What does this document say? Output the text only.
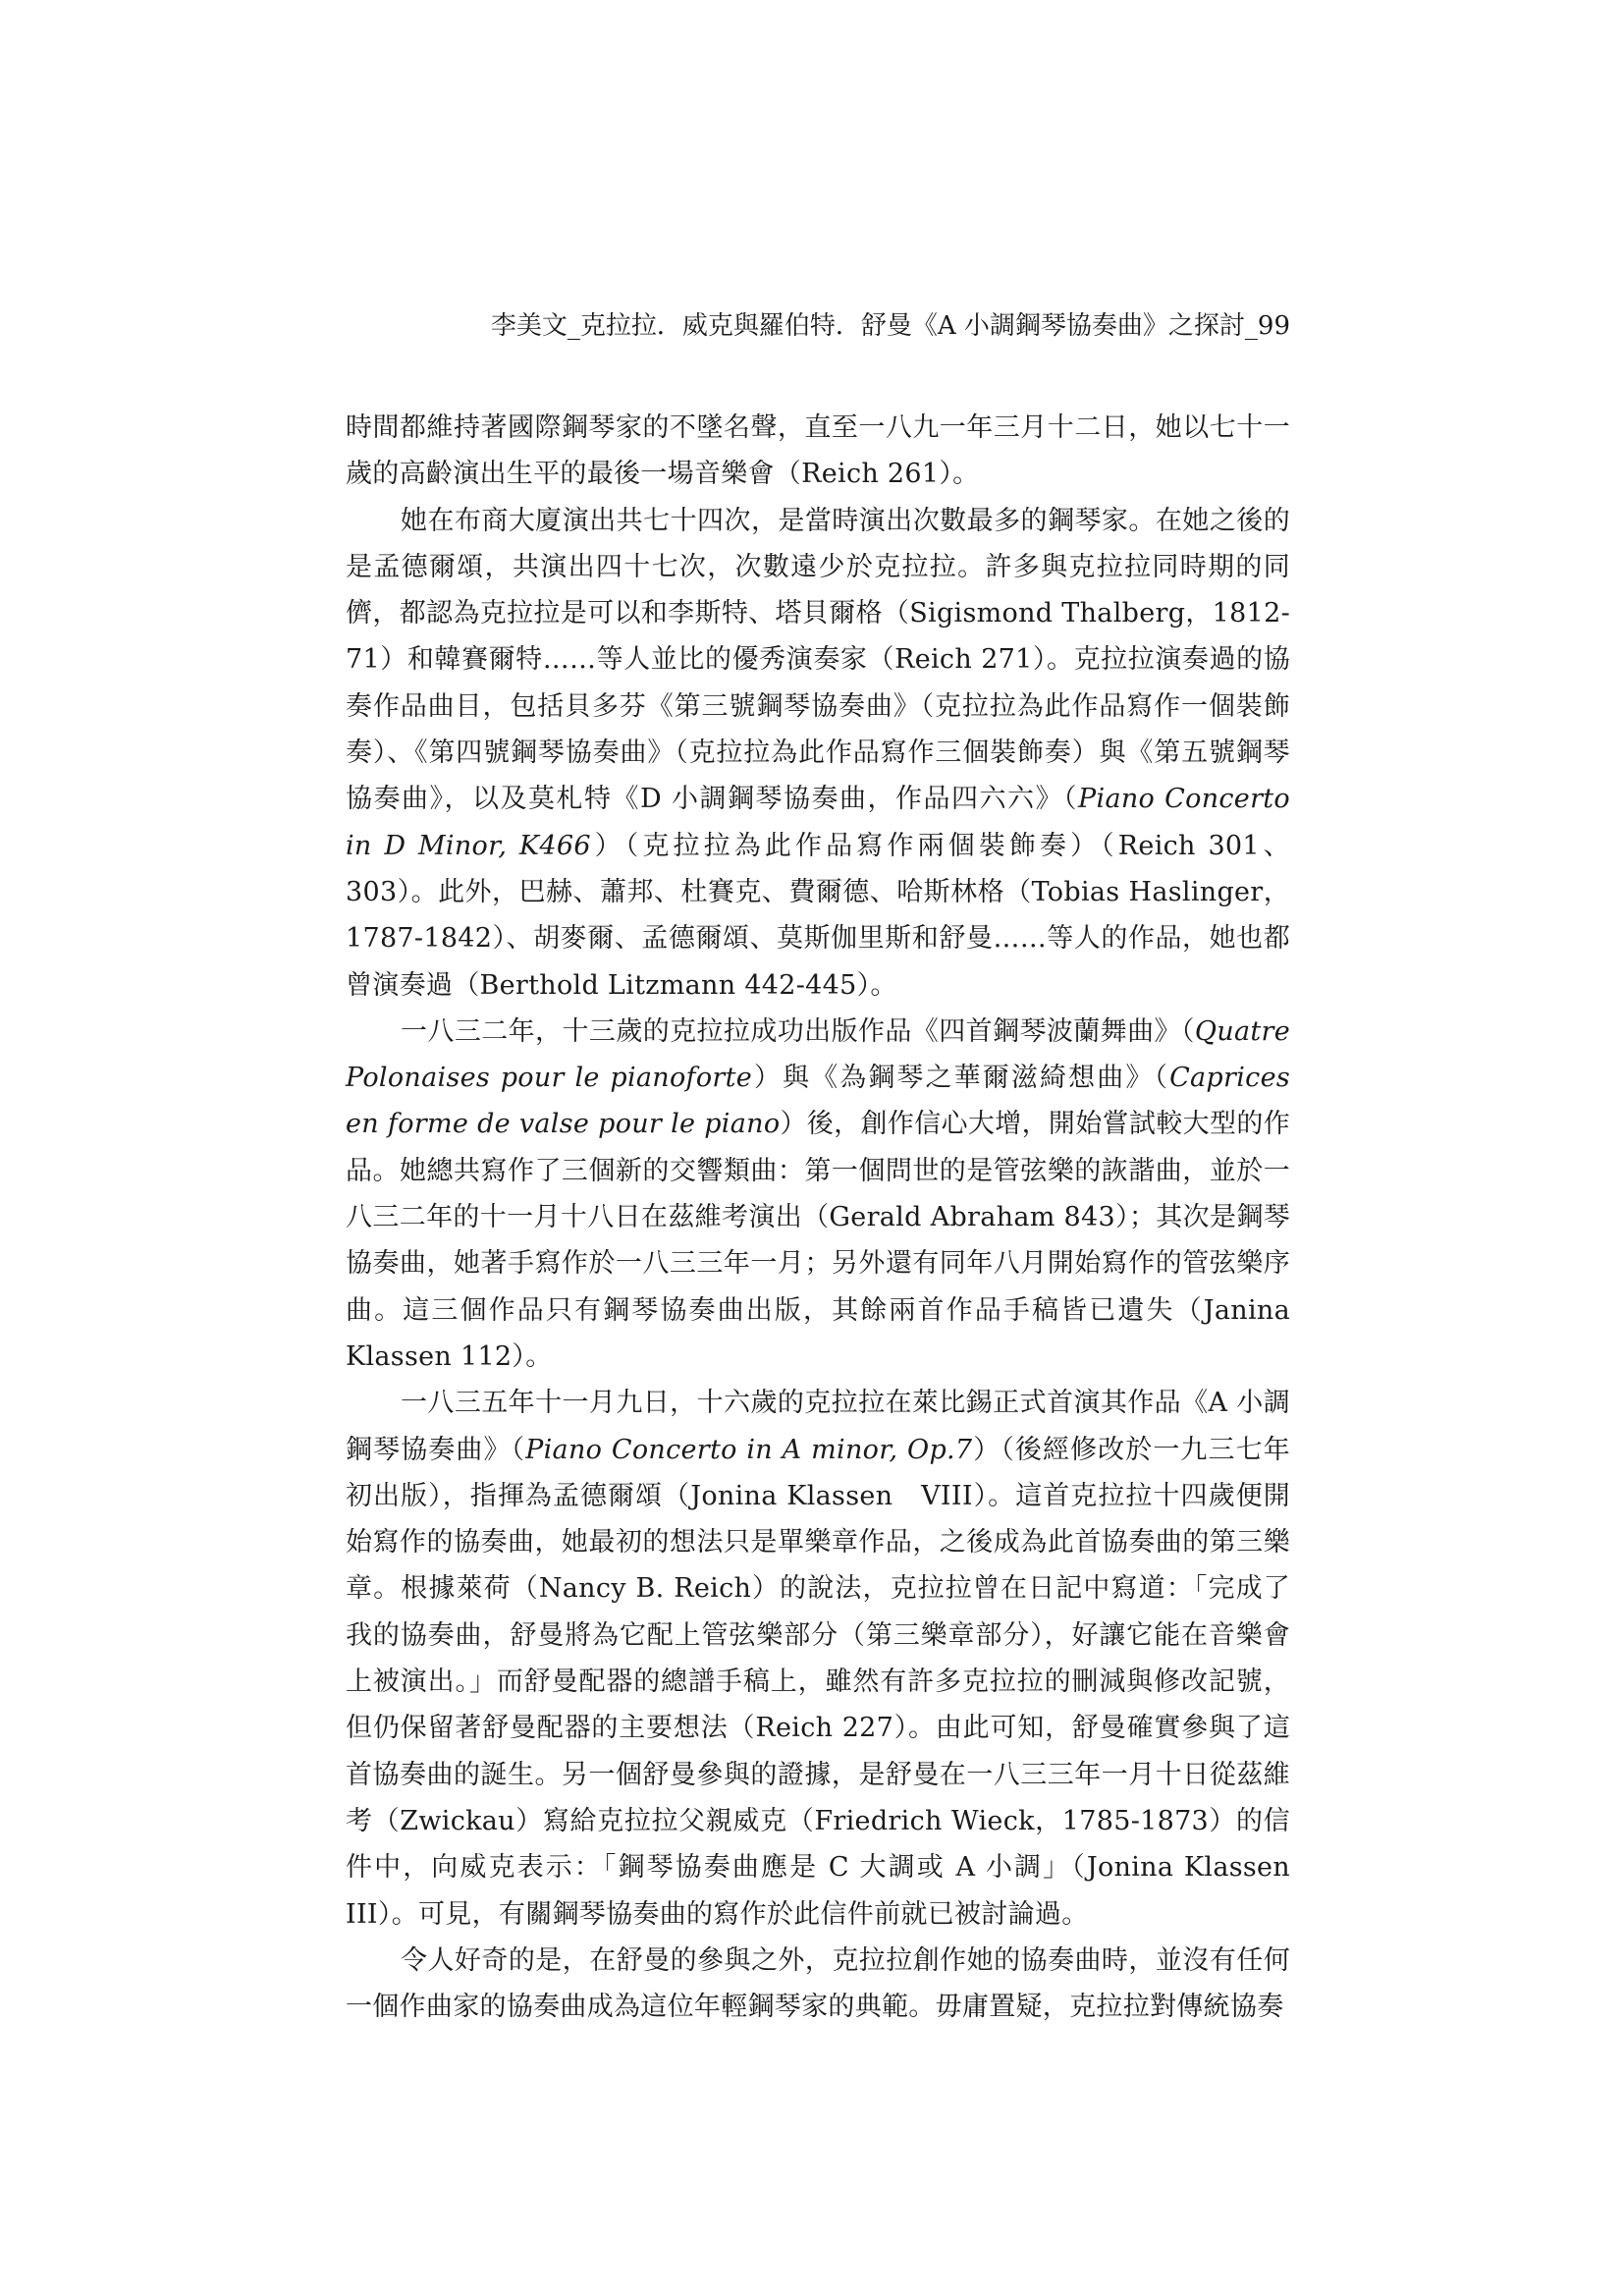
李美文_克拉拉．威克與羅伯特．舒曼《A 小調鋼琴協奏曲》之探討_99

時間都維持著國際鋼琴家的不墜名聲，直至一八九一年三月十二日，她以七十一歲的高齡演出生平的最後一場音樂會（Reich 261）。

她在布商大廈演出共七十四次，是當時演出次數最多的鋼琴家。在她之後的是孟德爾頌，共演出四十七次，次數遠少於克拉拉。許多與克拉拉同時期的同儕，都認為克拉拉是可以和李斯特、塔貝爾格（Sigismond Thalberg，1812-71）和韓賽爾特……等人並比的優秀演奏家（Reich 271）。克拉拉演奏過的協奏作品曲目，包括貝多芬《第三號鋼琴協奏曲》（克拉拉為此作品寫作一個裝飾奏）、《第四號鋼琴協奏曲》（克拉拉為此作品寫作三個裝飾奏）與《第五號鋼琴協奏曲》，以及莫札特《D 小調鋼琴協奏曲，作品四六六》（Piano Concerto in D Minor, K466）（克拉拉為此作品寫作兩個裝飾奏）（Reich 301、303）。此外，巴赫、蕭邦、杜賽克、費爾德、哈斯林格（Tobias Haslinger，1787-1842）、胡麥爾、孟德爾頌、莫斯伽里斯和舒曼……等人的作品，她也都曾演奏過（Berthold Litzmann 442-445）。

一八三二年，十三歲的克拉拉成功出版作品《四首鋼琴波蘭舞曲》（Quatre Polonaises pour le pianoforte）與《為鋼琴之華爾滋綺想曲》（Caprices en forme de valse pour le piano）後，創作信心大增，開始嘗試較大型的作品。她總共寫作了三個新的交響類曲：第一個問世的是管弦樂的詼諧曲，並於一八三二年的十一月十八日在茲維考演出（Gerald Abraham 843）；其次是鋼琴協奏曲，她著手寫作於一八三三年一月；另外還有同年八月開始寫作的管弦樂序曲。這三個作品只有鋼琴協奏曲出版，其餘兩首作品手稿皆已遺失（Janina Klassen 112）。

一八三五年十一月九日，十六歲的克拉拉在萊比錫正式首演其作品《A 小調鋼琴協奏曲》（Piano Concerto in A minor, Op.7）（後經修改於一九三七年初出版），指揮為孟德爾頌（Jonina Klassen　VIII）。這首克拉拉十四歲便開始寫作的協奏曲，她最初的想法只是單樂章作品，之後成為此首協奏曲的第三樂章。根據萊荷（Nancy B. Reich）的說法，克拉拉曾在日記中寫道：「完成了我的協奏曲，舒曼將為它配上管弦樂部分（第三樂章部分），好讓它能在音樂會上被演出。」而舒曼配器的總譜手稿上，雖然有許多克拉拉的刪減與修改記號，但仍保留著舒曼配器的主要想法（Reich 227）。由此可知，舒曼確實參與了這首協奏曲的誕生。另一個舒曼參與的證據，是舒曼在一八三三年一月十日從茲維考（Zwickau）寫給克拉拉父親威克（Friedrich Wieck，1785-1873）的信件中，向威克表示：「鋼琴協奏曲應是 C 大調或 A 小調」（Jonina Klassen III）。可見，有關鋼琴協奏曲的寫作於此信件前就已被討論過。

令人好奇的是，在舒曼的參與之外，克拉拉創作她的協奏曲時，並沒有任何一個作曲家的協奏曲成為這位年輕鋼琴家的典範。毋庸置疑，克拉拉對傳統協奏
